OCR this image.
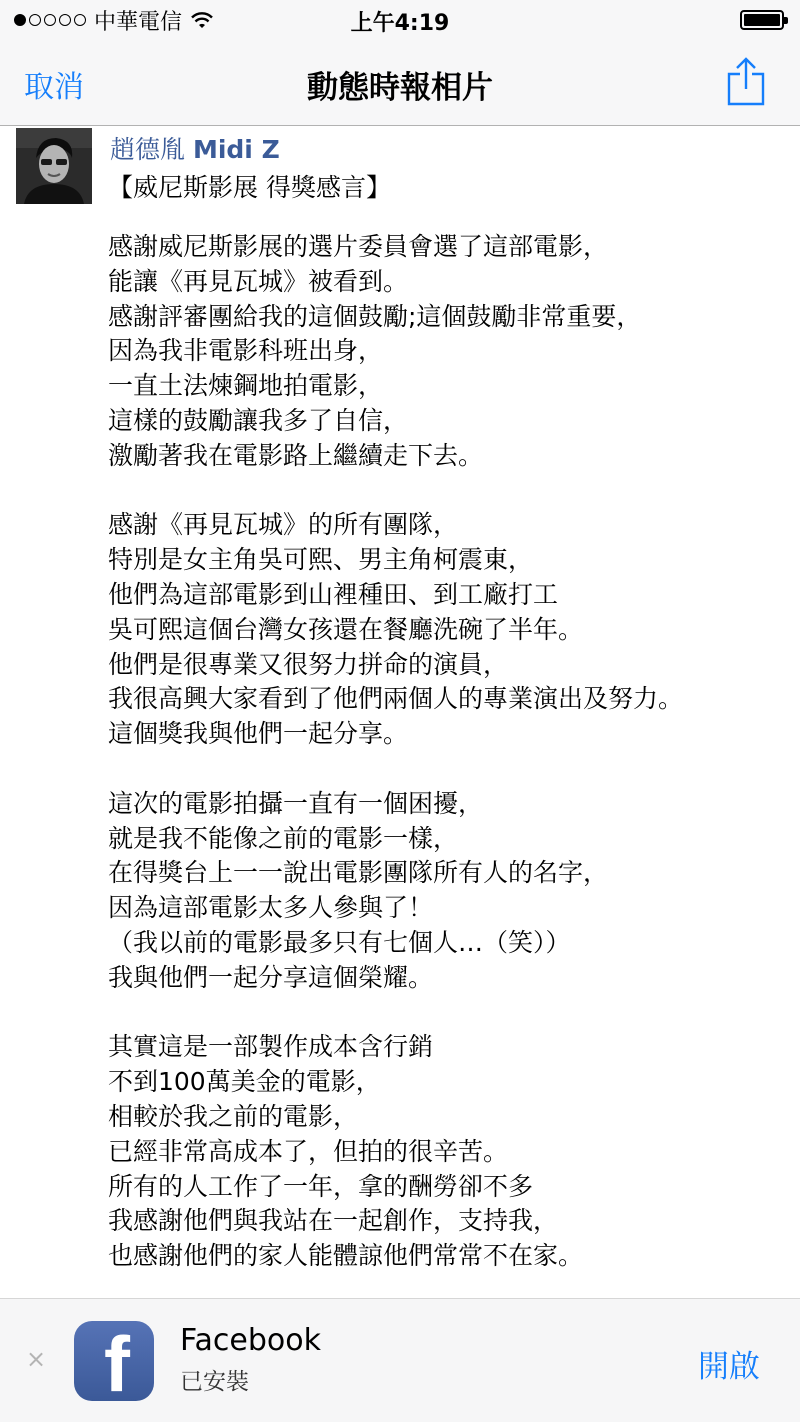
中華電信	上午4:19
取消	動態時報相片
趙德胤 Midi Z
【威尼斯影展 得獎感言】
感謝威尼斯影展的選片委員會選了這部電影，
能讓《再見瓦城》被看到。
感謝評審團給我的這個鼓勵;這個鼓勵非常重要，
因為我非電影科班出身，
一直土法煉鋼地拍電影，
這樣的鼓勵讓我多了自信，
激勵著我在電影路上繼續走下去。
感謝《再見瓦城》的所有團隊，
特別是女主角吳可熙、男主角柯震東，
他們為這部電影到山裡種田、到工廠打工
吳可熙這個台灣女孩還在餐廳洗碗了半年。
他們是很專業又很努力拼命的演員，
我很高興大家看到了他們兩個人的專業演出及努力。
這個獎我與他們一起分享。
這次的電影拍攝一直有一個困擾，
就是我不能像之前的電影一樣，
在得獎台上一一說出電影團隊所有人的名字，
因為這部電影太多人參與了！
（我以前的電影最多只有七個人…（笑））
我與他們一起分享這個榮耀。
其實這是一部製作成本含行銷
不到100萬美金的電影，
相較於我之前的電影，
已經非常高成本了，但拍的很辛苦。
所有的人工作了一年，拿的酬勞卻不多
我感謝他們與我站在一起創作，支持我，
也感謝他們的家人能體諒他們常常不在家。
× f Facebook
已安裝	開啟
